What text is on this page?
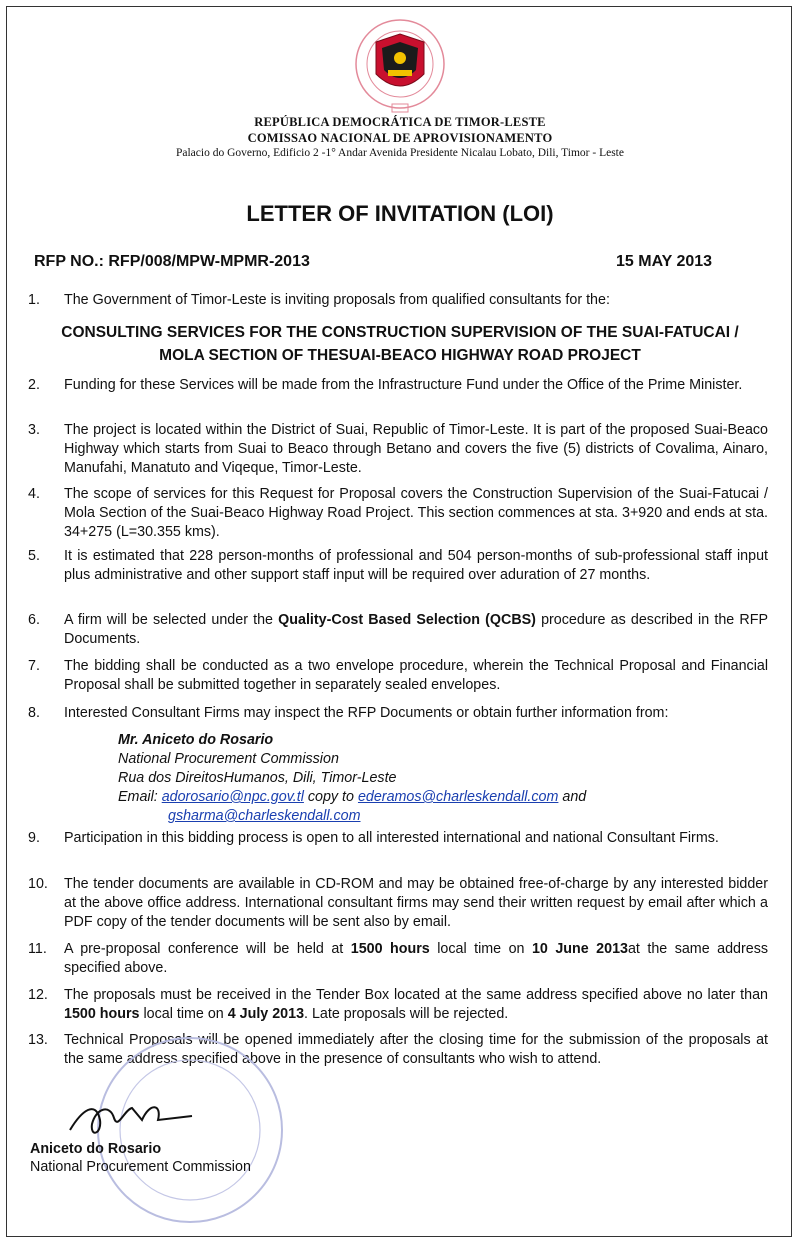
REPÚBLICA DEMOCRÁTICA DE TIMOR-LESTE
COMISSAO NACIONAL DE APROVISIONAMENTO
Palacio do Governo, Edificio 2 -1° Andar Avenida Presidente Nicalau Lobato, Dili, Timor - Leste
LETTER OF INVITATION (LOI)
RFP NO.: RFP/008/MPW-MPMR-2013	15 MAY 2013
1.	The Government of Timor-Leste is inviting proposals from qualified consultants for the:
CONSULTING SERVICES FOR THE CONSTRUCTION SUPERVISION OF THE SUAI-FATUCAI /
MOLA SECTION OF THESUAI-BEACO HIGHWAY ROAD PROJECT
2.	Funding for these Services will be made from the Infrastructure Fund under the Office of the Prime Minister.
3.	The project is located within the District of Suai, Republic of Timor-Leste. It is part of the proposed Suai-Beaco Highway which starts from Suai to Beaco through Betano and covers the five (5) districts of Covalima, Ainaro, Manufahi, Manatuto and Viqeque, Timor-Leste.
4.	The scope of services for this Request for Proposal covers the Construction Supervision of the Suai-Fatucai / Mola Section of the Suai-Beaco Highway Road Project. This section commences at sta. 3+920 and ends at sta. 34+275 (L=30.355 kms).
5.	It is estimated that 228 person-months of professional and 504 person-months of sub-professional staff input plus administrative and other support staff input will be required over aduration of 27 months.
6.	A firm will be selected under the Quality-Cost Based Selection (QCBS) procedure as described in the RFP Documents.
7.	The bidding shall be conducted as a two envelope procedure, wherein the Technical Proposal and Financial Proposal shall be submitted together in separately sealed envelopes.
8.	Interested Consultant Firms may inspect the RFP Documents or obtain further information from:
Mr. Aniceto do Rosario
National Procurement Commission
Rua dos DireitosHumanos, Dili, Timor-Leste
Email: adorosario@npc.gov.tl copy to ederamos@charleskendall.com and
gsharma@charleskendall.com
9.	Participation in this bidding process is open to all interested international and national Consultant Firms.
10.	The tender documents are available in CD-ROM and may be obtained free-of-charge by any interested bidder at the above office address. International consultant firms may send their written request by email after which a PDF copy of the tender documents will be sent also by email.
11.	A pre-proposal conference will be held at 1500 hours local time on 10 June 2013at the same address specified above.
12.	The proposals must be received in the Tender Box located at the same address specified above no later than 1500 hours local time on 4 July 2013. Late proposals will be rejected.
13.	Technical Proposals will be opened immediately after the closing time for the submission of the proposals at the same address specified above in the presence of consultants who wish to attend.
Aniceto do Rosario
National Procurement Commission
